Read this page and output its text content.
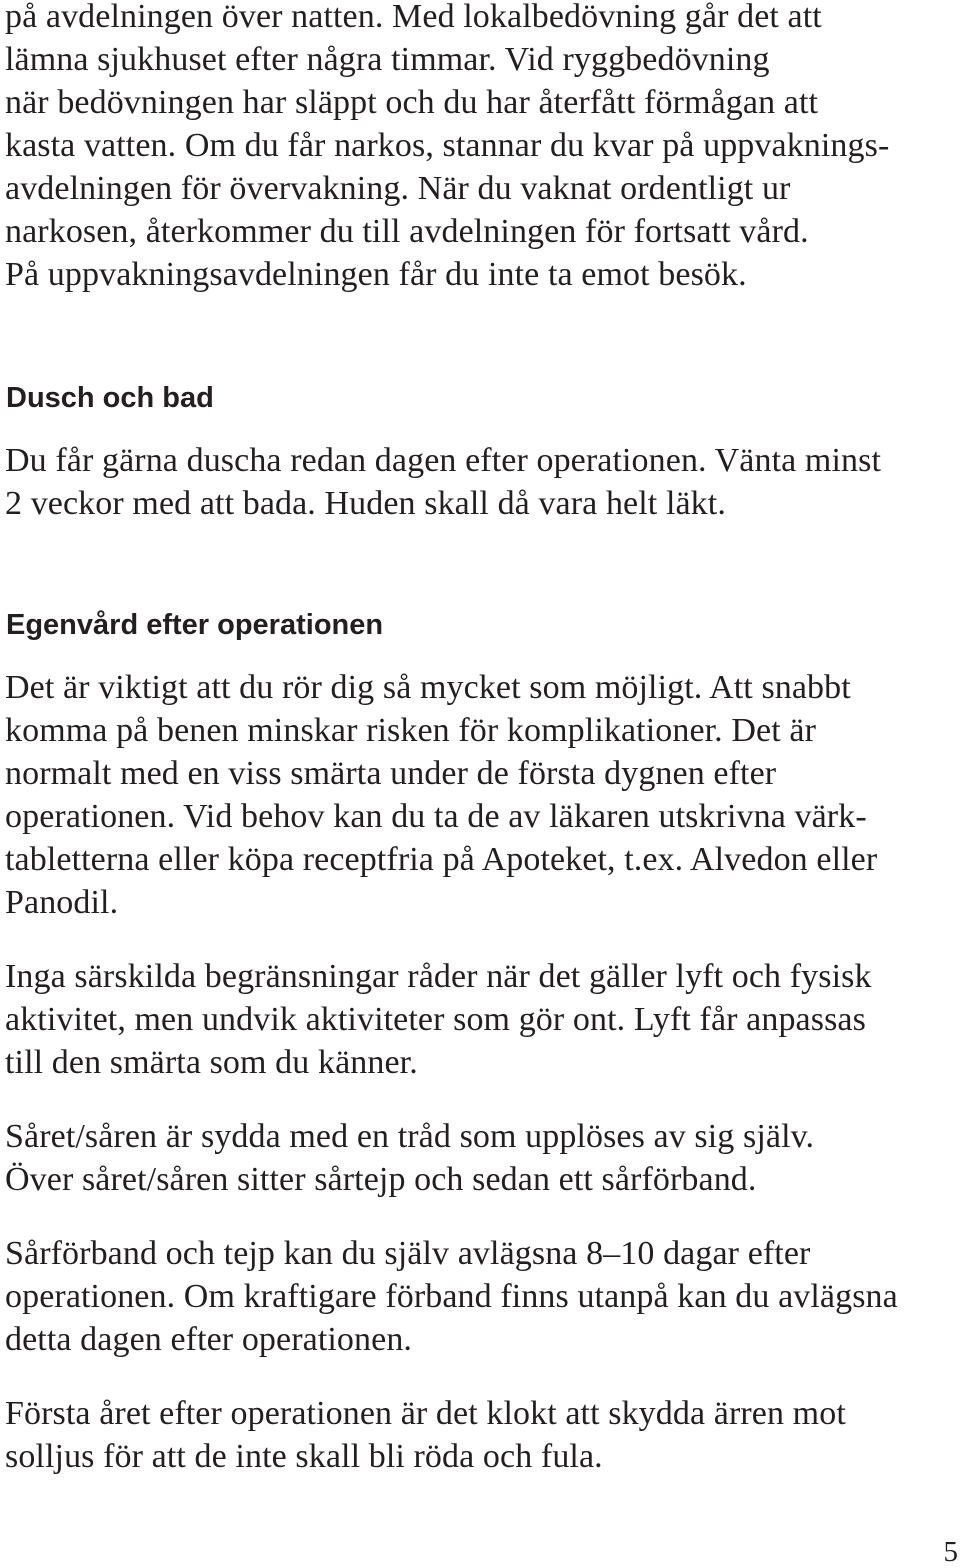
på avdelningen över natten. Med lokalbedövning går det att
lämna sjukhuset efter några timmar. Vid ryggbedövning
när bedövningen har släppt och du har återfått förmågan att
kasta vatten. Om du får narkos, stannar du kvar på uppvaknings-
avdelningen för övervakning. När du vaknat ordentligt ur
narkosen, återkommer du till avdelningen för fortsatt vård.
På uppvakningsavdelningen får du inte ta emot besök.
Dusch och bad
Du får gärna duscha redan dagen efter operationen. Vänta minst
2 veckor med att bada. Huden skall då vara helt läkt.
Egenvård efter operationen
Det är viktigt att du rör dig så mycket som möjligt. Att snabbt
komma på benen minskar risken för komplikationer. Det är
normalt med en viss smärta under de första dygnen efter
operationen. Vid behov kan du ta de av läkaren utskrivna värk-
tabletterna eller köpa receptfria på Apoteket, t.ex. Alvedon eller
Panodil.
Inga särskilda begränsningar råder när det gäller lyft och fysisk
aktivitet, men undvik aktiviteter som gör ont. Lyft får anpassas
till den smärta som du känner.
Såret/såren är sydda med en tråd som upplöses av sig själv.
Över såret/såren sitter sårtejp och sedan ett sårförband.
Sårförband och tejp kan du själv avlägsna 8–10 dagar efter
operationen. Om kraftigare förband finns utanpå kan du avlägsna
detta dagen efter operationen.
Första året efter operationen är det klokt att skydda ärren mot
solljus för att de inte skall bli röda och fula.
5
